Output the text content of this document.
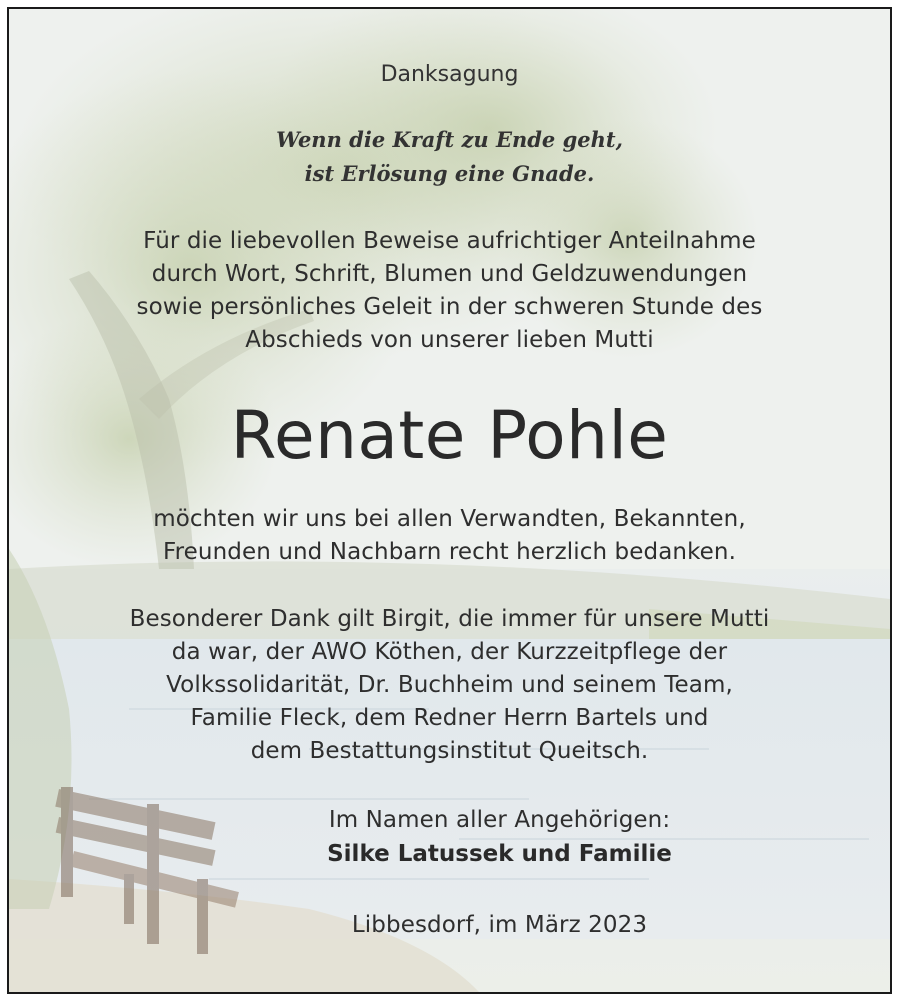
Danksagung
Wenn die Kraft zu Ende geht,
ist Erlösung eine Gnade.
Für die liebevollen Beweise aufrichtiger Anteilnahme
durch Wort, Schrift, Blumen und Geldzuwendungen
sowie persönliches Geleit in der schweren Stunde des
Abschieds von unserer lieben Mutti
Renate Pohle
möchten wir uns bei allen Verwandten, Bekannten,
Freunden und Nachbarn recht herzlich bedanken.
Besonderer Dank gilt Birgit, die immer für unsere Mutti
da war, der AWO Köthen, der Kurzzeitpflege der
Volkssolidarität, Dr. Buchheim und seinem Team,
Familie Fleck, dem Redner Herrn Bartels und
dem Bestattungsinstitut Queitsch.
Im Namen aller Angehörigen:
Silke Latussek und Familie
Libbesdorf, im März 2023
